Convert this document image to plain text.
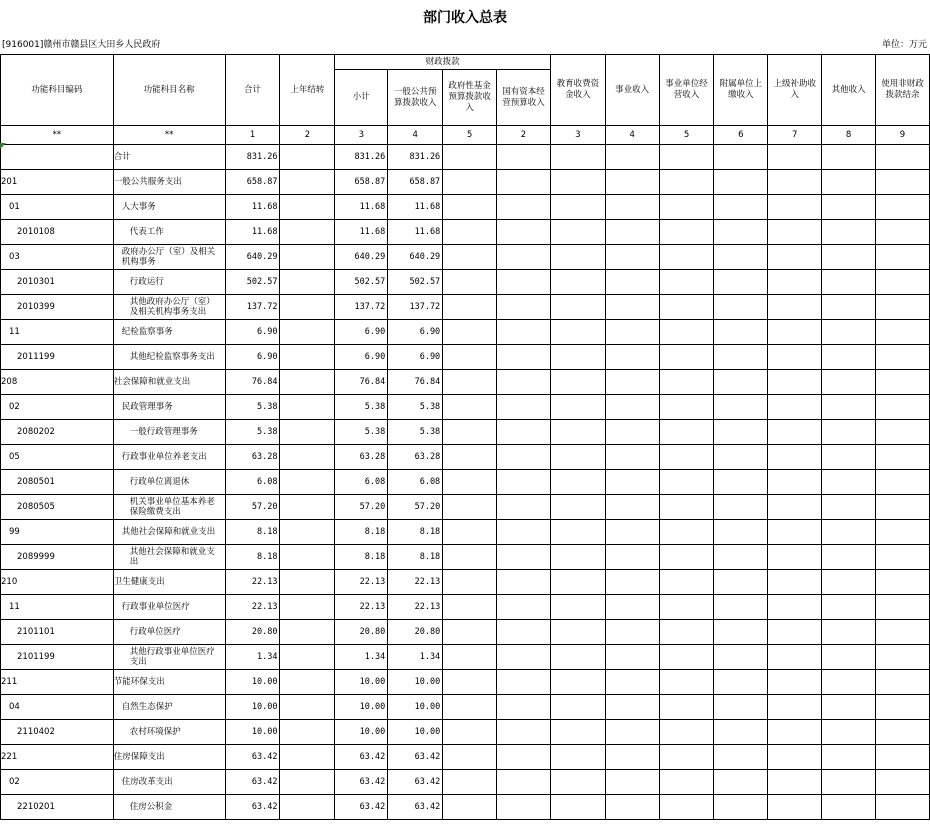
部门收入总表
[916001]赣州市赣县区大田乡人民政府	单位：万元
功能科目编码	功能科目名称	合计	上年结转	财政拨款				教育收费资金收入	事业收入	事业单位经营收入	附属单位上缴收入	上级补助收入	其他收入	使用非财政拨款结余
				小计	一般公共预算拨款收入	政府性基金预算拨款收入	国有资本经营预算收入							
**	**	1	2	3	4	5	2	3	4	5	6	7	8	9
	合计	831.26		831.26	831.26									
201	一般公共服务支出	658.87		658.87	658.87									
01	人大事务	11.68		11.68	11.68									
2010108	代表工作	11.68		11.68	11.68									
03	政府办公厅（室）及相关机构事务	640.29		640.29	640.29									
2010301	行政运行	502.57		502.57	502.57									
2010399	其他政府办公厅（室）及相关机构事务支出	137.72		137.72	137.72									
11	纪检监察事务	6.90		6.90	6.90									
2011199	其他纪检监察事务支出	6.90		6.90	6.90									
208	社会保障和就业支出	76.84		76.84	76.84									
02	民政管理事务	5.38		5.38	5.38									
2080202	一般行政管理事务	5.38		5.38	5.38									
05	行政事业单位养老支出	63.28		63.28	63.28									
2080501	行政单位离退休	6.08		6.08	6.08									
2080505	机关事业单位基本养老保险缴费支出	57.20		57.20	57.20									
99	其他社会保障和就业支出	8.18		8.18	8.18									
2089999	其他社会保障和就业支出	8.18		8.18	8.18									
210	卫生健康支出	22.13		22.13	22.13									
11	行政事业单位医疗	22.13		22.13	22.13									
2101101	行政单位医疗	20.80		20.80	20.80									
2101199	其他行政事业单位医疗支出	1.34		1.34	1.34									
211	节能环保支出	10.00		10.00	10.00									
04	自然生态保护	10.00		10.00	10.00									
2110402	农村环境保护	10.00		10.00	10.00									
221	住房保障支出	63.42		63.42	63.42									
02	住房改革支出	63.42		63.42	63.42									
2210201	住房公积金	63.42		63.42	63.42									
